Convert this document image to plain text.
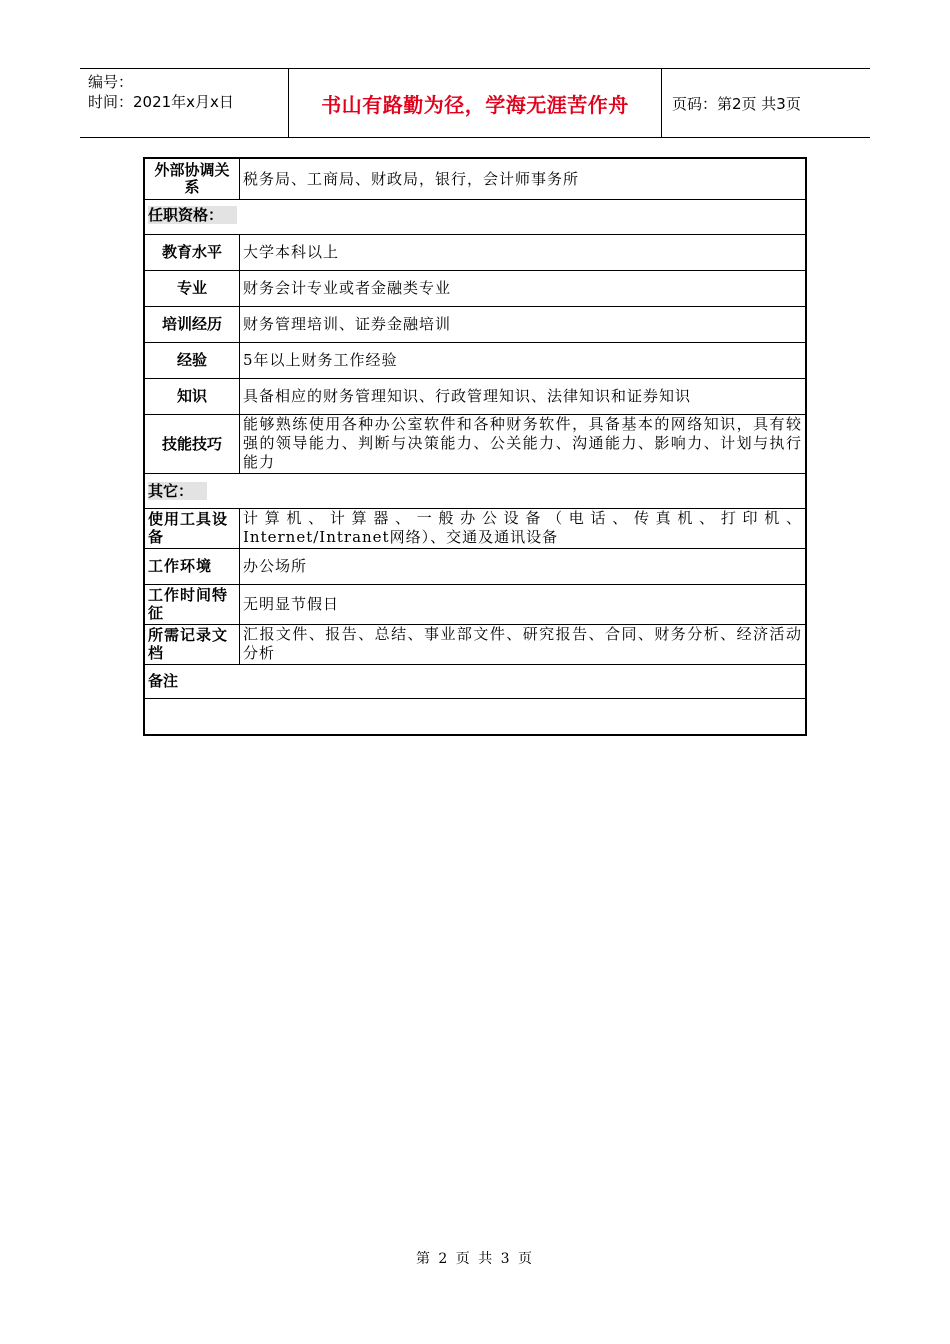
编号：
时间：2021年x月x日	书山有路勤为径，学海无涯苦作舟	页码：第2页 共3页
外部协调关系	税务局、工商局、财政局，银行，会计师事务所
任职资格：	
教育水平	大学本科以上
专业	财务会计专业或者金融类专业
培训经历	财务管理培训、证券金融培训
经验	5年以上财务工作经验
知识	具备相应的财务管理知识、行政管理知识、法律知识和证券知识
技能技巧	能够熟练使用各种办公室软件和各种财务软件，具备基本的网络知识，具有较强的领导能力、判断与决策能力、公关能力、沟通能力、影响力、计划与执行能力
其它：	
使用工具设备	计算机、计算器、一般办公设备（电话、传真机、打印机、Internet/Intranet网络）、交通及通讯设备
工作环境	办公场所
工作时间特征	无明显节假日
所需记录文档	汇报文件、报告、总结、事业部文件、研究报告、合同、财务分析、经济活动分析
备注	

第 2 页 共 3 页
